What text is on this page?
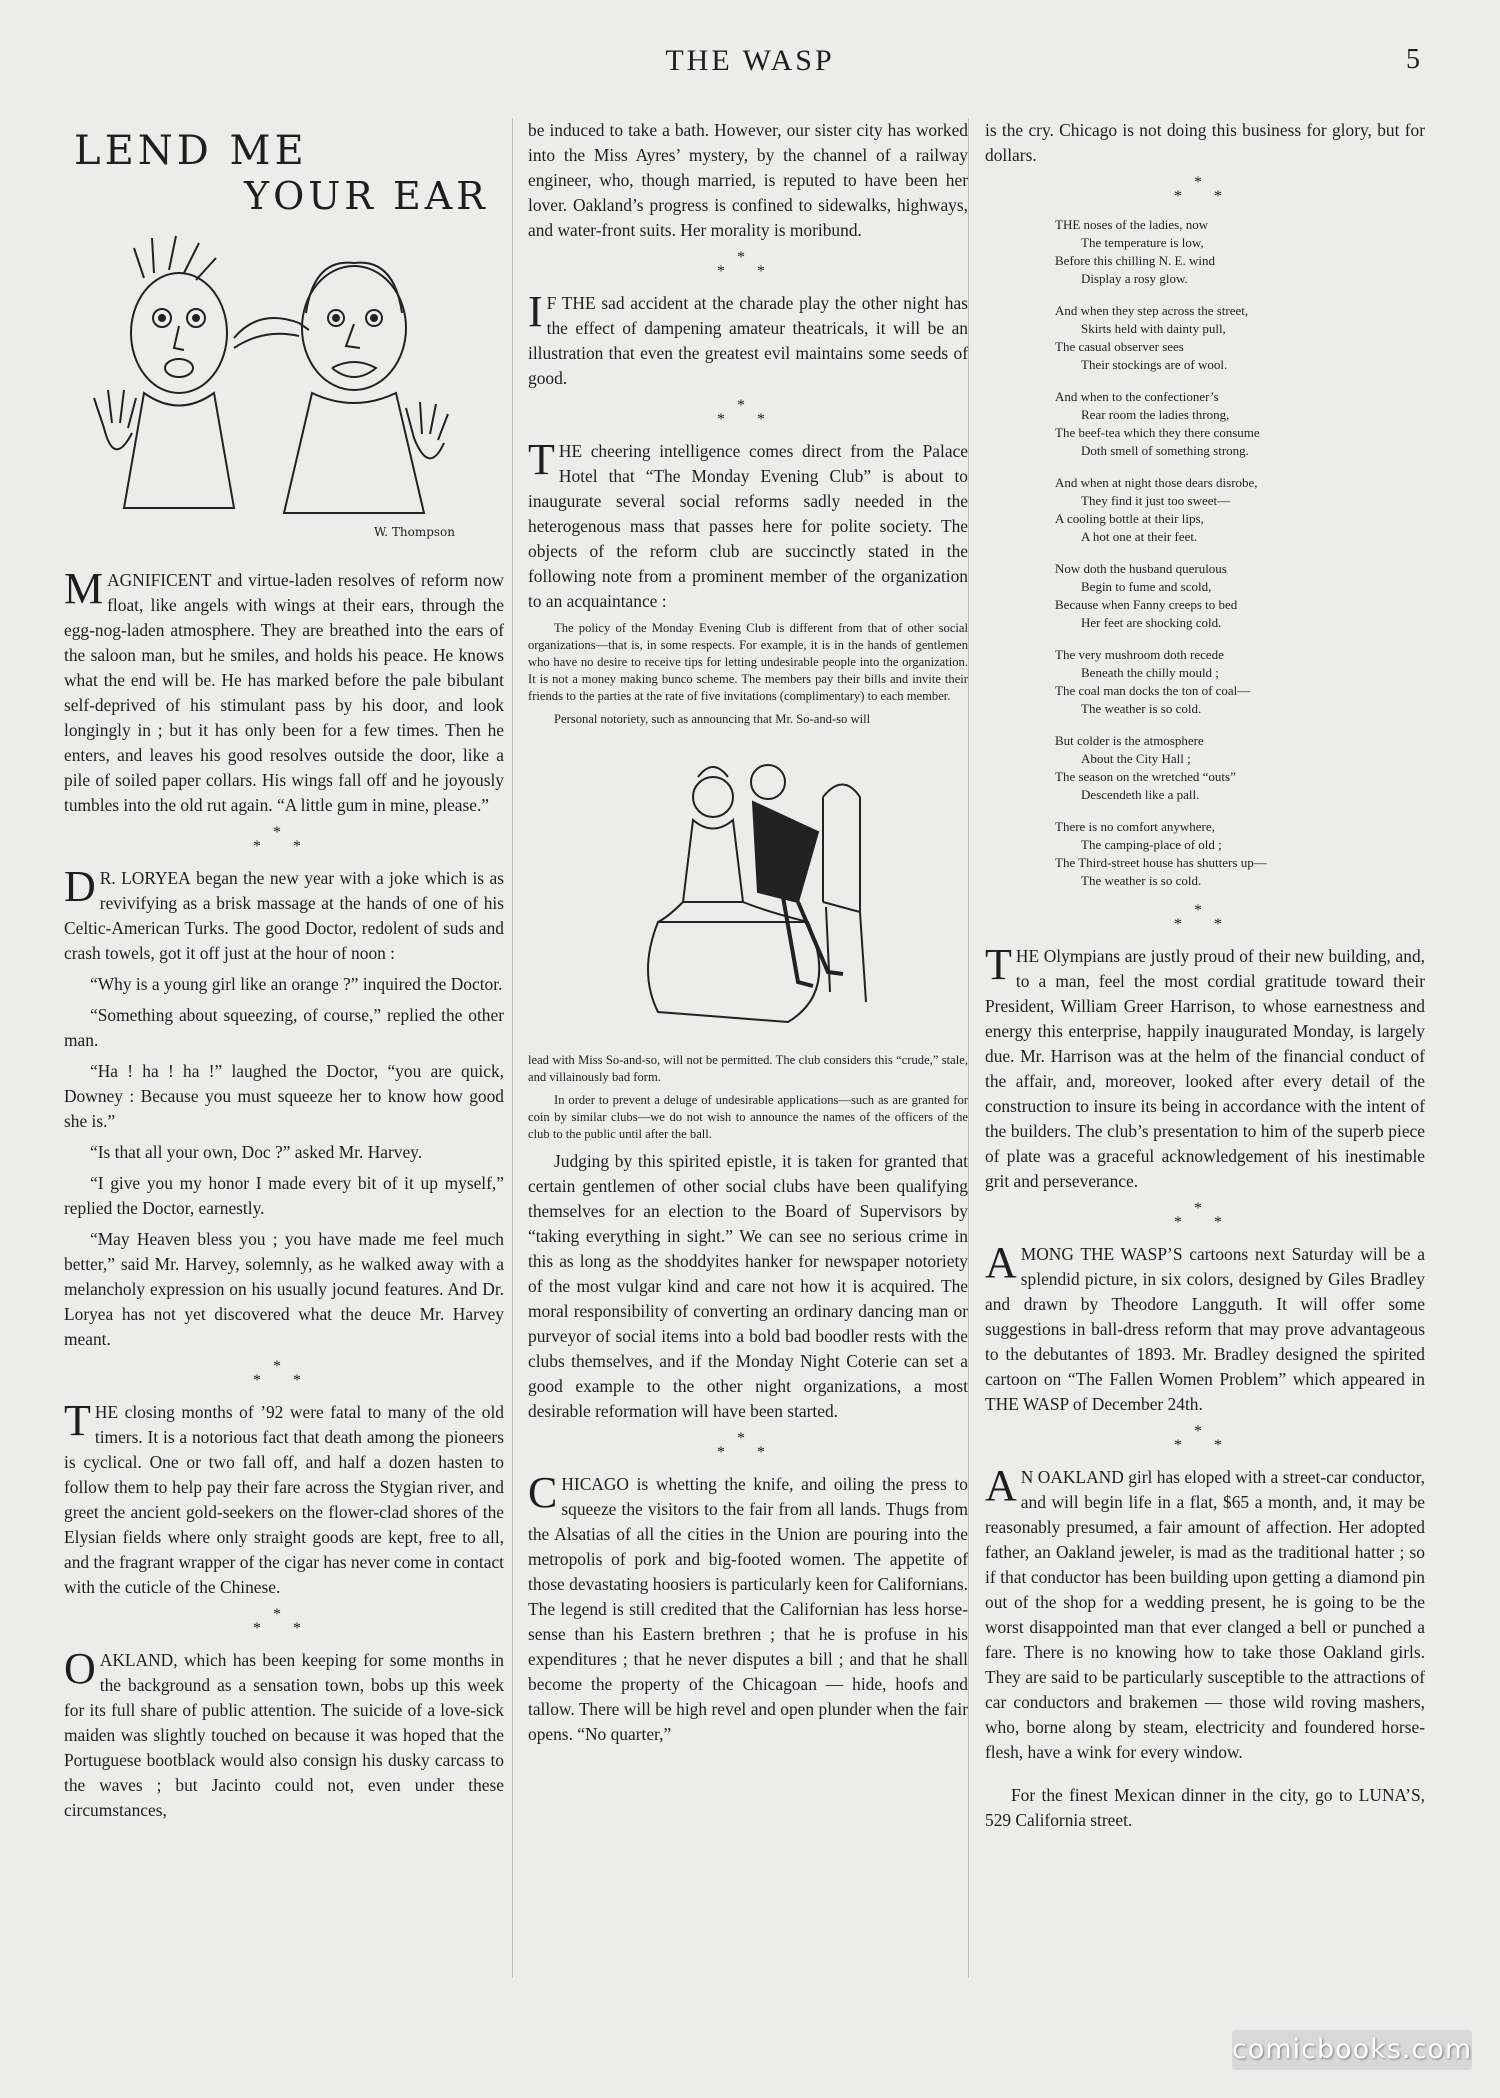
THE WASP	5
LEND ME
YOUR EAR
W. Thompson

MAGNIFICENT and virtue-laden resolves of reform now float, like angels with wings at their ears, through the egg-nog-laden atmosphere. They are breathed into the ears of the saloon man, but he smiles, and holds his peace. He knows what the end will be. He has marked before the pale bibulant self-deprived of his stimulant pass by his door, and look longingly in ; but it has only been for a few times. Then he enters, and leaves his good resolves outside the door, like a pile of soiled paper collars. His wings fall off and he joyously tumbles into the old rut again. “A little gum in mine, please.”

*
* *

D R. LORYEA began the new year with a joke which is as revivifying as a brisk massage at the hands of one of his Celtic-American Turks. The good Doctor, redolent of suds and crash towels, got it off just at the hour of noon :

“Why is a young girl like an orange ?” inquired the Doctor.

“Something about squeezing, of course,” replied the other man.

“Ha ! ha ! ha !” laughed the Doctor, “you are quick, Downey : Because you must squeeze her to know how good she is.”

“Is that all your own, Doc ?” asked Mr. Harvey.

“I give you my honor I made every bit of it up myself,” replied the Doctor, earnestly.

“May Heaven bless you ; you have made me feel much better,” said Mr. Harvey, solemnly, as he walked away with a melancholy expression on his usually jocund features. And Dr. Loryea has not yet discovered what the deuce Mr. Harvey meant.

*
* *

THE closing months of ’92 were fatal to many of the old timers. It is a notorious fact that death among the pioneers is cyclical. One or two fall off, and half a dozen hasten to follow them to help pay their fare across the Stygian river, and greet the ancient gold-seekers on the flower-clad shores of the Elysian fields where only straight goods are kept, free to all, and the fragrant wrapper of the cigar has never come in contact with the cuticle of the Chinese.

*
* *

OAKLAND, which has been keeping for some months in the background as a sensation town, bobs up this week for its full share of public attention. The suicide of a love-sick maiden was slightly touched on because it was hoped that the Portuguese bootblack would also consign his dusky carcass to the waves ; but Jacinto could not, even under these circumstances,

be induced to take a bath. However, our sister city has worked into the Miss Ayres’ mystery, by the channel of a railway engineer, who, though married, is reputed to have been her lover. Oakland’s progress is confined to sidewalks, highways, and water-front suits. Her morality is moribund.

*
* *

I F THE sad accident at the charade play the other night has the effect of dampening amateur theatricals, it will be an illustration that even the greatest evil maintains some seeds of good.

*
* *

THE cheering intelligence comes direct from the Palace Hotel that “The Monday Evening Club” is about to inaugurate several social reforms sadly needed in the heterogenous mass that passes here for polite society. The objects of the reform club are succinctly stated in the following note from a prominent member of the organization to an acquaintance :

The policy of the Monday Evening Club is different from that of other social organizations—that is, in some respects. For example, it is in the hands of gentlemen who have no desire to receive tips for letting undesirable people into the organization. It is not a money making bunco scheme. The members pay their bills and invite their friends to the parties at the rate of five invitations (complimentary) to each member.

Personal notoriety, such as announcing that Mr. So-and-so will

lead with Miss So-and-so, will not be permitted. The club considers this “crude,” stale, and villainously bad form.

In order to prevent a deluge of undesirable applications—such as are granted for coin by similar clubs—we do not wish to announce the names of the officers of the club to the public until after the ball.

Judging by this spirited epistle, it is taken for granted that certain gentlemen of other social clubs have been qualifying themselves for an election to the Board of Supervisors by “taking everything in sight.” We can see no serious crime in this as long as the shoddyites hanker for newspaper notoriety of the most vulgar kind and care not how it is acquired. The moral responsibility of converting an ordinary dancing man or purveyor of social items into a bold bad boodler rests with the clubs themselves, and if the Monday Night Coterie can set a good example to the other night organizations, a most desirable reformation will have been started.

*
* *

CHICAGO is whetting the knife, and oiling the press to squeeze the visitors to the fair from all lands. Thugs from the Alsatias of all the cities in the Union are pouring into the metropolis of pork and big-footed women. The appetite of those devastating hoosiers is particularly keen for Californians. The legend is still credited that the Californian has less horse-sense than his Eastern brethren ; that he is profuse in his expenditures ; that he never disputes a bill ; and that he shall become the property of the Chicagoan — hide, hoofs and tallow. There will be high revel and open plunder when the fair opens. “No quarter,”

is the cry. Chicago is not doing this business for glory, but for dollars.

*
* *
THE noses of the ladies, now
The temperature is low,
Before this chilling N. E. wind
Display a rosy glow.
And when they step across the street,
Skirts held with dainty pull,
The casual observer sees
Their stockings are of wool.
And when to the confectioner’s
Rear room the ladies throng,
The beef-tea which they there consume
Doth smell of something strong.
And when at night those dears disrobe,
They find it just too sweet—
A cooling bottle at their lips,
A hot one at their feet.
Now doth the husband querulous
Begin to fume and scold,
Because when Fanny creeps to bed
Her feet are shocking cold.
The very mushroom doth recede
Beneath the chilly mould ;
The coal man docks the ton of coal—
The weather is so cold.
But colder is the atmosphere
About the City Hall ;
The season on the wretched “outs”
Descendeth like a pall.
There is no comfort anywhere,
The camping-place of old ;
The Third-street house has shutters up—
The weather is so cold.
*
* *

THE Olympians are justly proud of their new building, and, to a man, feel the most cordial gratitude toward their President, William Greer Harrison, to whose earnestness and energy this enterprise, happily inaugurated Monday, is largely due. Mr. Harrison was at the helm of the financial conduct of the affair, and, moreover, looked after every detail of the construction to insure its being in accordance with the intent of the builders. The club’s presentation to him of the superb piece of plate was a graceful acknowledgement of his inestimable grit and perseverance.

*
* *

AMONG THE WASP’S cartoons next Saturday will be a splendid picture, in six colors, designed by Giles Bradley and drawn by Theodore Langguth. It will offer some suggestions in ball-dress reform that may prove advantageous to the debutantes of 1893. Mr. Bradley designed the spirited cartoon on “The Fallen Women Problem” which appeared in THE WASP of December 24th.

*
* *

A N OAKLAND girl has eloped with a street-car conductor, and will begin life in a flat, $65 a month, and, it may be reasonably presumed, a fair amount of affection. Her adopted father, an Oakland jeweler, is mad as the traditional hatter ; so if that conductor has been building upon getting a diamond pin out of the shop for a wedding present, he is going to be the worst disappointed man that ever clanged a bell or punched a fare. There is no knowing how to take those Oakland girls. They are said to be particularly susceptible to the attractions of car conductors and brakemen — those wild roving mashers, who, borne along by steam, electricity and foundered horse-flesh, have a wink for every window.

For the finest Mexican dinner in the city, go to LUNA’S, 529 California street.

comicbooks.com
